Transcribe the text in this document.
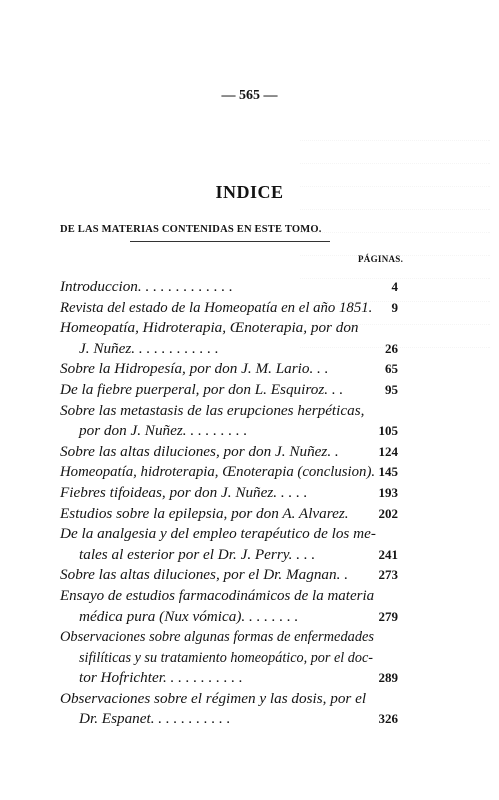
— 565 —
INDICE
DE LAS MATERIAS CONTENIDAS EN ESTE TOMO.
PÁGINAS.
Introduccion. . . . . . . . . . . . .	4
Revista del estado de la Homeopatía en el año 1851. 9
Homeopatía, Hidroterapia, Œnoterapia, por don
J. Nuñez. . . . . . . . . . . .	26
Sobre la Hidropesía, por don J. M. Lario. . .	65
De la fiebre puerperal, por don L. Esquiroz. . .	95
Sobre las metastasis de las erupciones herpéticas,
por don J. Nuñez. . . . . . . . .	105
Sobre las altas diluciones, por don J. Nuñez. .	124
Homeopatía, hidroterapia, Œnoterapia (conclusion). 145
Fiebres tifoideas, por don J. Nuñez. . . . .	193
Estudios sobre la epilepsia, por don A. Alvarez. 202
De la analgesia y del empleo terapéutico de los me-
tales al esterior por el Dr. J. Perry. . . .	241
Sobre las altas diluciones, por el Dr. Magnan. . 273
Ensayo de estudios farmacodinámicos de la materia
médica pura (Nux vómica). . . . . . . .	279
Observaciones sobre algunas formas de enfermedades
sifilíticas y su tratamiento homeopático, por el doc-
tor Hofrichter. . . . . . . . . . .	289
Observaciones sobre el régimen y las dosis, por el
Dr. Espanet. . . . . . . . . . .	326
